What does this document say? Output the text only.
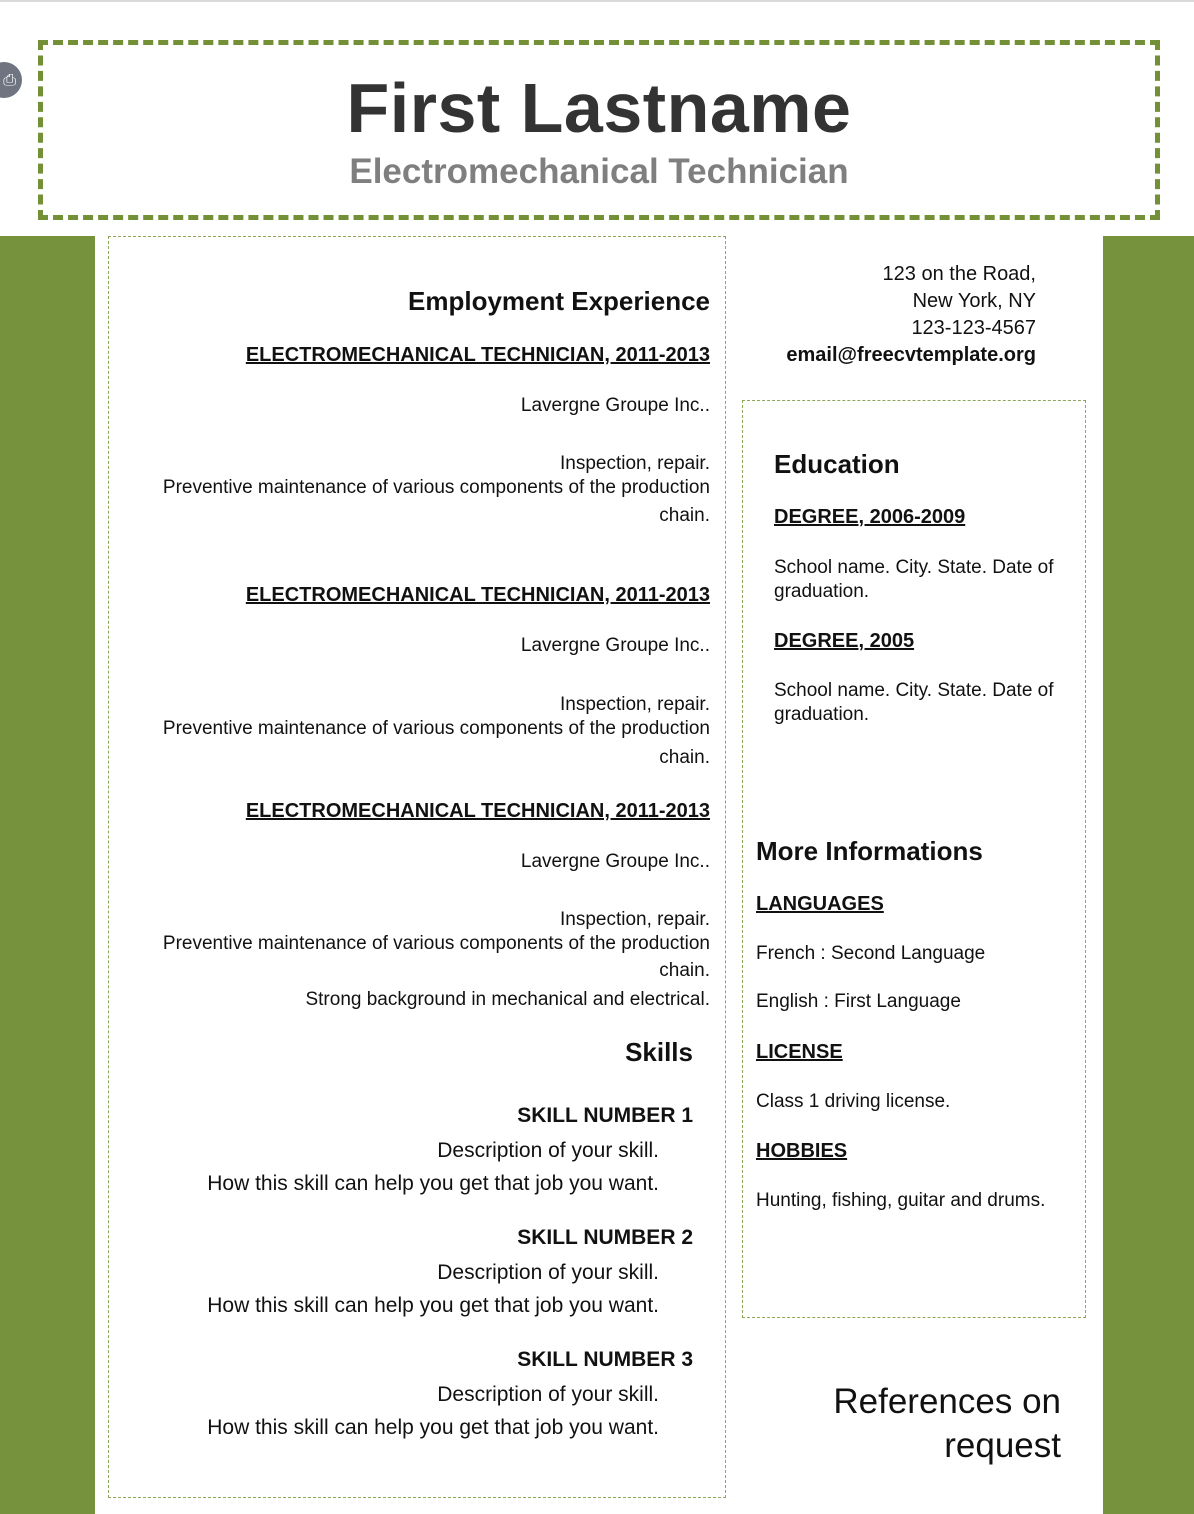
⎙	First Lastname
Electromechanical Technician
Employment Experience
ELECTROMECHANICAL TECHNICIAN, 2011-2013
Lavergne Groupe Inc..
Inspection, repair.
Preventive maintenance of various components of the production
chain.
ELECTROMECHANICAL TECHNICIAN, 2011-2013
Lavergne Groupe Inc..
Inspection, repair.
Preventive maintenance of various components of the production
chain.
ELECTROMECHANICAL TECHNICIAN, 2011-2013
Lavergne Groupe Inc..
Inspection, repair.
Preventive maintenance of various components of the production
chain.
Strong background in mechanical and electrical.
Skills
SKILL NUMBER 1
Description of your skill.
How this skill can help you get that job you want.
SKILL NUMBER 2
Description of your skill.
How this skill can help you get that job you want.
SKILL NUMBER 3
Description of your skill.
How this skill can help you get that job you want.
123 on the Road,
New York, NY
123-123-4567
email@freecvtemplate.org
Education
DEGREE, 2006-2009
School name. City. State. Date of
graduation.
DEGREE, 2005
School name. City. State. Date of
graduation.
More Informations
LANGUAGES
French : Second Language
English : First Language
LICENSE
Class 1 driving license.
HOBBIES
Hunting, fishing, guitar and drums.
References on
request
